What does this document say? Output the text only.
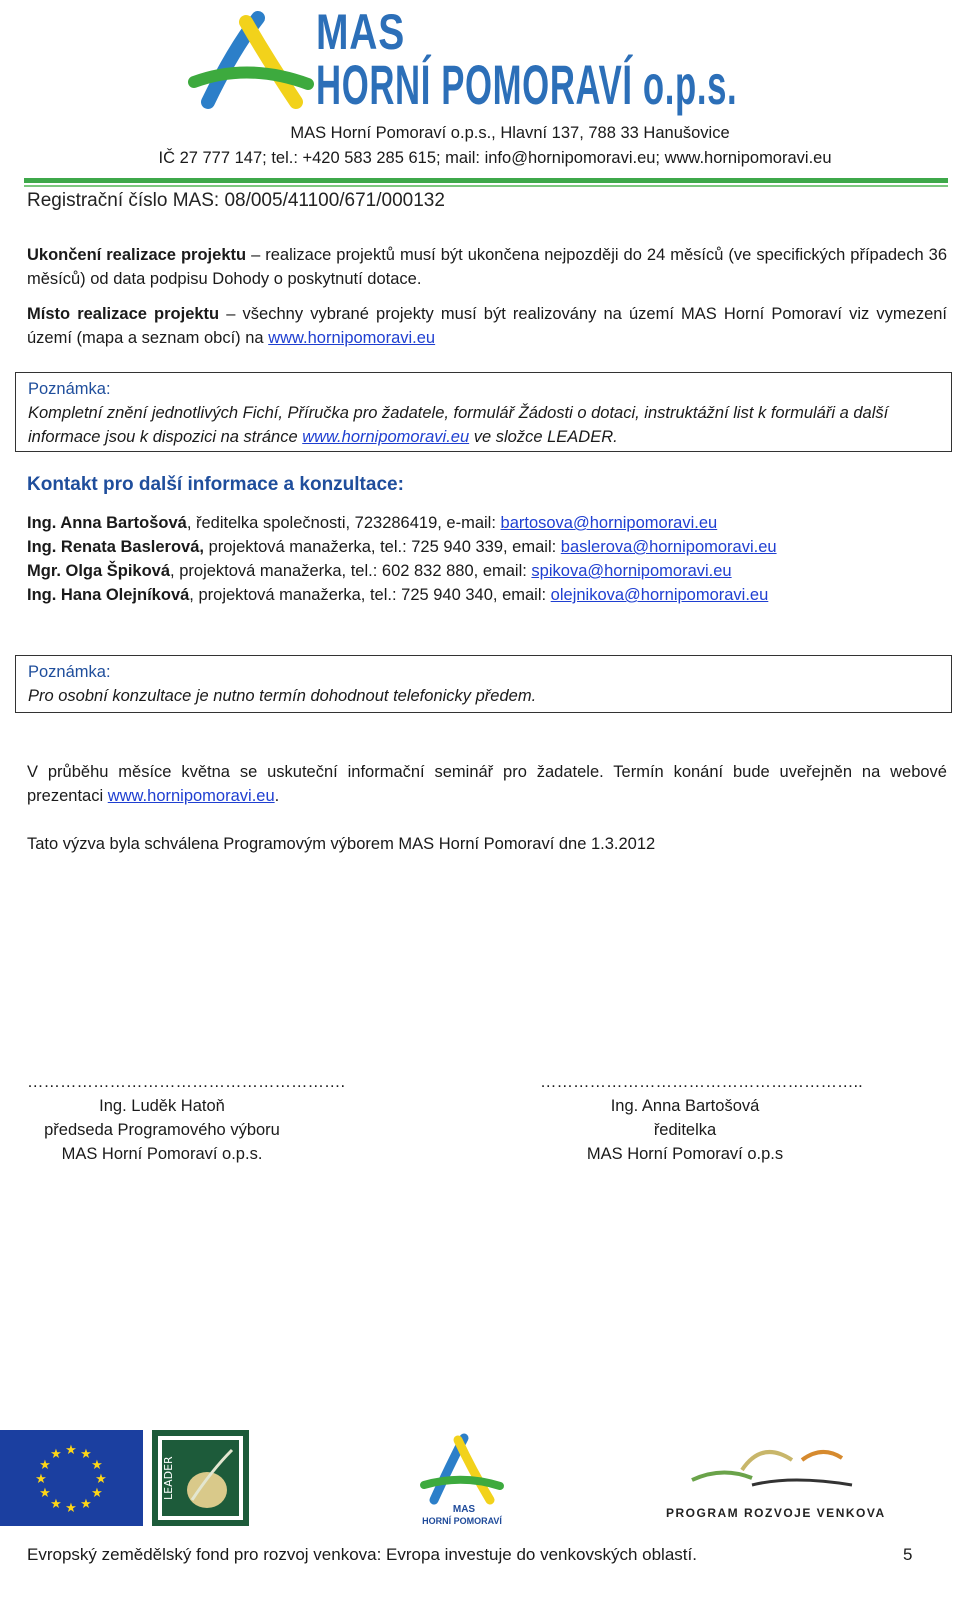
MAS
HORNÍ POMORAVÍ o.p.s.
MAS Horní Pomoraví o.p.s., Hlavní 137, 788 33 Hanušovice
IČ 27 777 147; tel.: +420 583 285 615; mail: info@hornipomoravi.eu; www.hornipomoravi.eu
Registrační číslo MAS: 08/005/41100/671/000132
Ukončení realizace projektu – realizace projektů musí být ukončena nejpozději do 24 měsíců (ve specifických případech 36 měsíců) od data podpisu Dohody o poskytnutí dotace.
Místo realizace projektu – všechny vybrané projekty musí být realizovány na území MAS Horní Pomoraví viz vymezení území (mapa a seznam obcí) na www.hornipomoravi.eu
Poznámka:
Kompletní znění jednotlivých Fichí, Příručka pro žadatele, formulář Žádosti o dotaci, instruktážní list k formuláři a další informace jsou k dispozici na stránce www.hornipomoravi.eu ve složce LEADER.
Kontakt pro další informace a konzultace:
Ing. Anna Bartošová, ředitelka společnosti, 723286419, e-mail: bartosova@hornipomoravi.eu
Ing. Renata Baslerová, projektová manažerka, tel.: 725 940 339, email: baslerova@hornipomoravi.eu
Mgr. Olga Špiková, projektová manažerka, tel.: 602 832 880, email: spikova@hornipomoravi.eu
Ing. Hana Olejníková, projektová manažerka, tel.: 725 940 340, email: olejnikova@hornipomoravi.eu
Poznámka:
Pro osobní konzultace je nutno termín dohodnout telefonicky předem.
V průběhu měsíce května se uskuteční informační seminář pro žadatele. Termín konání bude uveřejněn na webové prezentaci www.hornipomoravi.eu.
Tato výzva byla schválena Programovým výborem MAS Horní Pomoraví dne 1.3.2012
………………………………………………….
Ing. Luděk Hatoň
předseda Programového výboru
MAS Horní Pomoraví o.p.s.
…………………………………………………..
Ing. Anna Bartošová
ředitelka
MAS Horní Pomoraví o.p.s
★ ★
★
★
★
★
★
★
★
★
★
★
LEADER
MAS
HORNÍ POMORAVÍ
PROGRAM ROZVOJE VENKOVA
Evropský zemědělský fond pro rozvoj venkova: Evropa investuje do venkovských oblastí.	5
